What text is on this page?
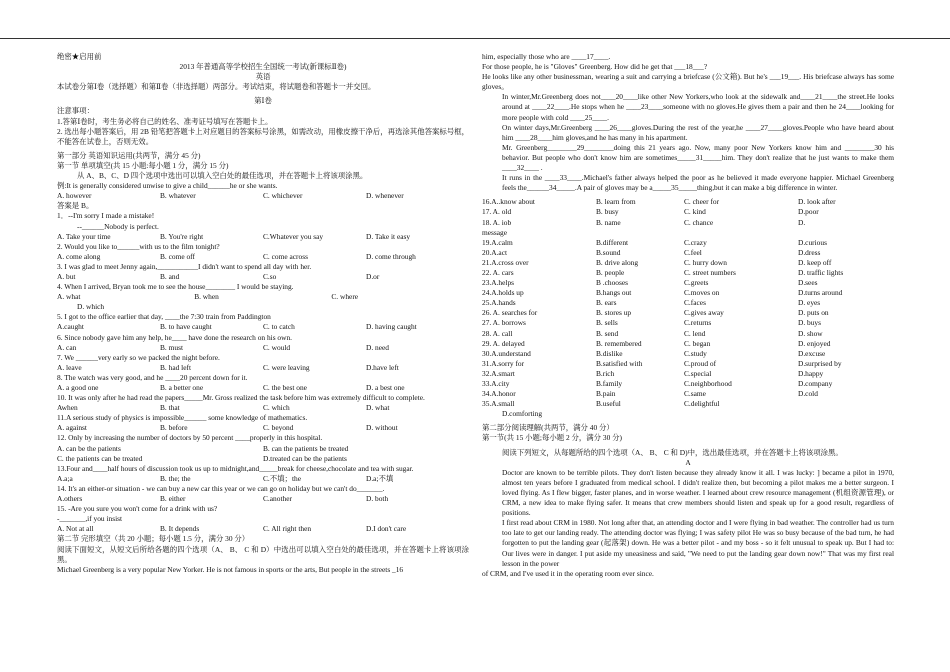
绝密★启用前
2013 年普通高等学校招生全国统一考试(新课标Ⅱ卷)
英语
本试卷分第Ⅰ卷（选择题）和第Ⅱ卷（非选择题）两部分。考试结束，将试题卷和答题卡一并交回。
第Ⅰ卷
注意事项：
1.答第Ⅰ卷时，考生务必将自己的姓名、准考证号填写在答题卡上。
2. 选出每小题答案后，用 2B 铅笔把答题卡上对应题目的答案标号涂黑，如需改动，用橡皮擦干净后，再选涂其他答案标号框，不能答在试卷上，否则无效。
第一部分 英语知识运用(共两节，满分 45 分)
第一节 单项填空(共 15 小题:每小题 1 分，满分 15 分)
从 A、B、C、D 四个选项中选出可以填入空白处的最佳选项，并在答题卡上将该项涂黑。
例:It is generally considered unwise to give a child______he or she wants.
A. however	B. whatever	C. whichever	D. whenever
答案是 B。
1．--I'm sorry I made a mistake!
--______Nobody is perfect.
A. Take your time	B. You're right	C.Whatever you say	D. Take it easy
2. Would you like to______with us to the film tonight?
A. come along	B. come off	C. come across	D. come through
3. I was glad to meet Jenny again,___________I didn't want to spend all day with her.
A. but	B. and	C.so	D.or
4. When I arrived, Bryan took me to see the house________ I would be staying.
A. what	B. when	C. where
D. which
5. I got to the office earlier that day, ____the 7:30 train from Paddington
A.caught	B. to have caught	C. to catch	D. having caught
6. Since nobody gave him any help, he____ have done the research on his own.
A. can	B. must	C. would	D. need
7. We ______very early so we packed the night before.
A. leave	B. had left	C. were leaving	D.have left
8. The watch was very good, and he ____20 percent down for it.
A. a good one	B. a better one	C. the best one	D. a best one
10. It was only after he had read the papers_____Mr. Gross realized the task before him was extremely difficult to complete.
Awhen	B. that	C. which	D. what
11.A serious study of physics is impossible______ some knowledge of mathematics.
A. against	B. before	C. beyond	D. without
12. Only by increasing the number of doctors by 50 percent ____properly in this hospital.
A. can be the patients	B. can the patients be treated
C. the patients can be treated	D.treated can be the patients
13.Four and____half hours of discussion took us up to midnight,and_____break for cheese,chocolate and tea with sugar.
A.a;a	B. the; the	C.不填；the	D.a;不填
14. It's an either-or situation - we can buy a new car this year or we can go on holiday but we can't do_______.
A.others	B. either	C.another	D. both
15. -Are you sure you won't come for a drink with us?
-_______,if you insist
A. Not at all	B. It depends	C. All right then	D.I don't care
第二节 完形填空（共 20 小题；每小题 1.5 分，满分 30 分）
阅读下面短文，从短文后所给各题的四个选项（A、 B、 C 和 D）中选出可以填入空白处的最佳选项，并在答题卡上将该项涂黑。
Michael Greenberg is a very popular New Yorker. He is not famous in sports or the arts, But people in the streets _16
him, especially those who are ____17____.
For those people, he is "Gloves" Greenberg. How did he get that ___18___?
He looks like any other businessman, wearing a suit and carrying a briefcase (公文箱). But he's ___19___. His briefcase always has some gloves。
In winter,Mr.Greenberg does not____20____like other New Yorkers,who look at the sidewalk and____21____the street.He looks around at ____22____.He stops when he ____23____someone with no gloves.He gives them a pair and then he 24____looking for more people with cold ____25____.
On winter days,Mr.Greenberg ____26____gloves.During the rest of the year,he ____27____gloves.People who have heard about him ____28____him gloves,and he has many in his apartment.
Mr. Greenberg________29________doing this 21 years ago. Now, many poor New Yorkers know him and ________30 his behavior. But people who don't know him are sometimes_____31_____him. They don't realize that he just wants to make them ____32____ .
It runs in the ____33____.Michael's father always helped the poor as he believed it made everyone happier. Michael Greenberg feels the______34_____.A pair of gloves may be a_____35_____thing,but it can make a big difference in winter.
16.A..know about	B. learn from	C. cheer for	D. look after
17. A. old	B. busy	C. kind	D.poor
18. A. iob	B. name	C. chance	D.
message
19.A.calm	B.different	C.crazy	D.curious
20.A.act	B.sound	C.feel	D.dress
21.A.cross over	B. drive along	C. hurry down	D. keep off
22. A. cars	B. people	C. street numbers	D. traffic lights
23.A.helps	B .chooses	C.greets	D.sees
24.A.holds up	B.hangs out	C.moves on	D.turns around
25.A.hands	B. ears	C.faces	D. eyes
26. A. searches for	B. stores up	C.gives away	D. puts on
27. A. borrows	B. sells	C.returns	D. buys
28. A. call	B. send	C. lend	D. show
29. A. delayed	B. remembered	C. began	D. enjoyed
30.A.understand	B.dislike	C.study	D.excuse
31.A.sorry for	B.satisfied with	C.proud of	D.surprised by
32.A.smart	B.rich	C.special	D.happy
33.A.city	B.family	C.neighborhood	D.company
34.A.honor	B.pain	C.same	D.cold
35.A.small	B.useful	C.delightful
D.comforting
第二部分阅读理解(共两节，满分 40 分）
第一节(共 15 小题;每小题 2 分，满分 30 分)
阅读下列短文，从每题所给的四个选项（A、 B、 C 和 D)中，选出最佳选项，并在答题卡上将该项涂黑。
A
Doctor are known to be terrible pilots. They don't listen because they already know it all. I was lucky: ] became a pilot in 1970, almost ten years before I graduated from medical school. I didn't realize then, but becoming a pilot makes me a better surgeon. I loved flying. As I flew bigger, faster planes, and in worse weather. I learned about crew resource management (机组资源管理), or CRM, a new idea to make flying safer. It means that crew members should listen and speak up for a good result, regardless of positions.
I first read about CRM in 1980. Not long after that, an attending doctor and I were flying in bad weather. The controller had us turn too late to get our landing ready. The attending doctor was flying; I was safety pilot He was so busy because of the bad turn, he had forgotten to put the landing gear (起落架) down. He was a better pilot - and my boss - so it felt unusual to speak up. But I had to: Our lives were in danger. I put aside my uneasiness and said, "We need to put the landing gear down now!" That was my first real lesson in the power
of CRM, and I've used it in the operating room ever since.
